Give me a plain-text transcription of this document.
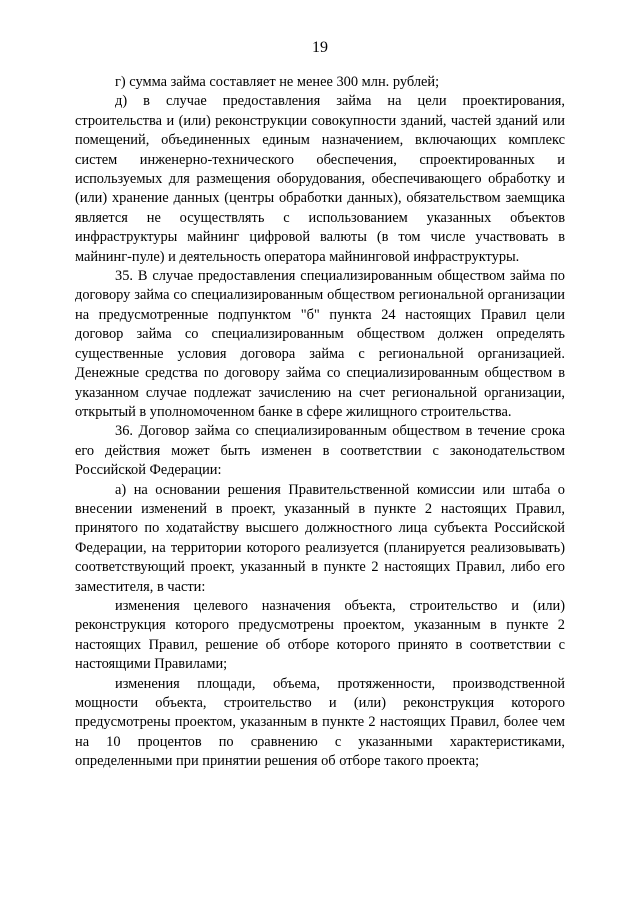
19

г) сумма займа составляет не менее 300 млн. рублей;

д) в случае предоставления займа на цели проектирования, строительства и (или) реконструкции совокупности зданий, частей зданий или помещений, объединенных единым назначением, включающих комплекс систем инженерно-технического обеспечения, спроектированных и используемых для размещения оборудования, обеспечивающего обработку и (или) хранение данных (центры обработки данных), обязательством заемщика является не осуществлять с использованием указанных объектов инфраструктуры майнинг цифровой валюты (в том числе участвовать в майнинг-пуле) и деятельность оператора майнинговой инфраструктуры.

35. В случае предоставления специализированным обществом займа по договору займа со специализированным обществом региональной организации на предусмотренные подпунктом "б" пункта 24 настоящих Правил цели договор займа со специализированным обществом должен определять существенные условия договора займа с региональной организацией. Денежные средства по договору займа со специализированным обществом в указанном случае подлежат зачислению на счет региональной организации, открытый в уполномоченном банке в сфере жилищного строительства.

36. Договор займа со специализированным обществом в течение срока его действия может быть изменен в соответствии с законодательством Российской Федерации:

а) на основании решения Правительственной комиссии или штаба о внесении изменений в проект, указанный в пункте 2 настоящих Правил, принятого по ходатайству высшего должностного лица субъекта Российской Федерации, на территории которого реализуется (планируется реализовывать) соответствующий проект, указанный в пункте 2 настоящих Правил, либо его заместителя, в части:

изменения целевого назначения объекта, строительство и (или) реконструкция которого предусмотрены проектом, указанным в пункте 2 настоящих Правил, решение об отборе которого принято в соответствии с настоящими Правилами;

изменения площади, объема, протяженности, производственной мощности объекта, строительство и (или) реконструкция которого предусмотрены проектом, указанным в пункте 2 настоящих Правил, более чем на 10 процентов по сравнению с указанными характеристиками, определенными при принятии решения об отборе такого проекта;
